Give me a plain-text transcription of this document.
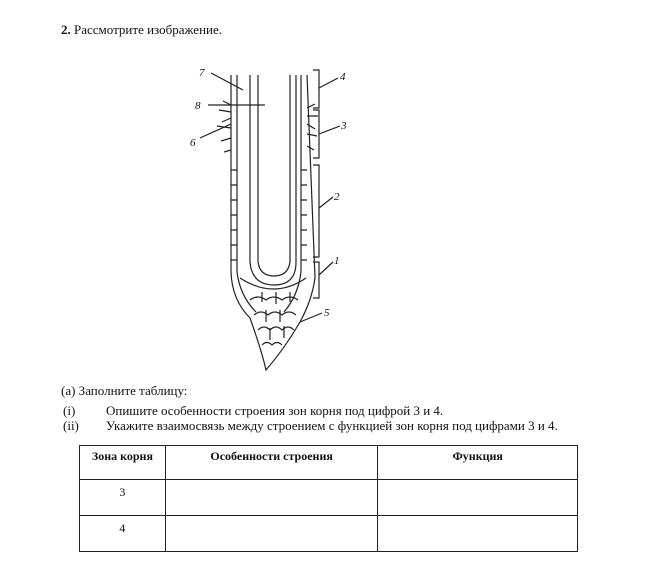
2. Рассмотрите изображение.
7
8
6
4
3
2
1
5
(a) Заполните таблицу:
(i) Опишите особенности строения зон корня под цифрой 3 и 4.
(ii) Укажите взаимосвязь между строением с функцией зон корня под цифрами 3 и 4.
Зона корня	Особенности строения	Функция
3		
4		
